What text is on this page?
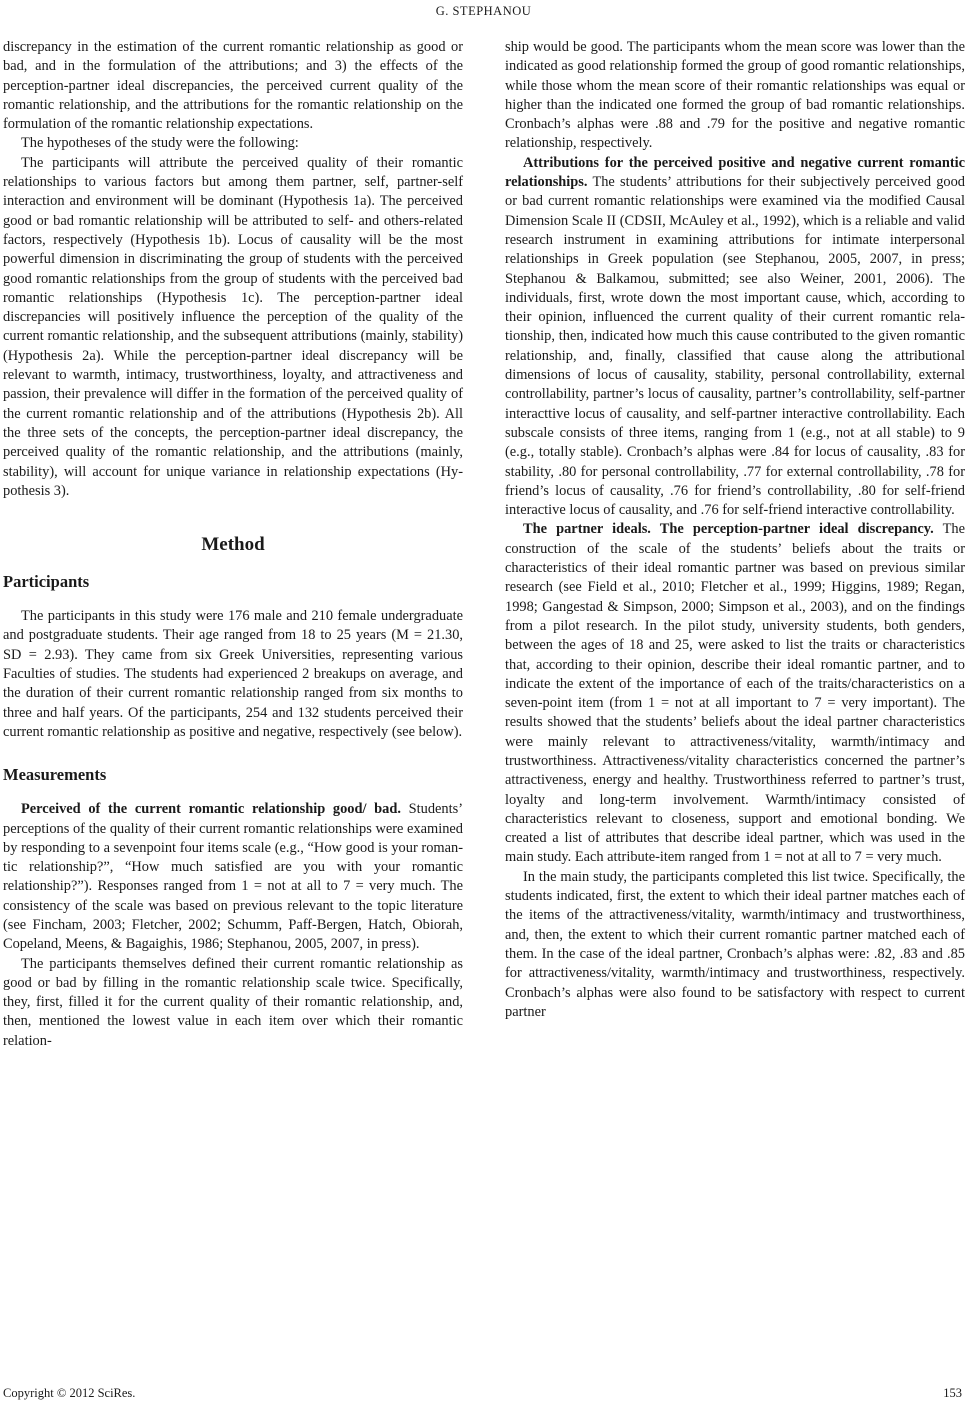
G. STEPHANOU

discrepancy in the estimation of the current romantic relationship as good or bad, and in the formulation of the attributions; and 3) the effects of the perception-partner ideal discrepancies, the perceived current quality of the romantic relationship, and the attributions for the romantic relationship on the formulation of the romantic relationship expectations.

The hypotheses of the study were the following:

The participants will attribute the perceived quality of their romantic relationships to various factors but among them partner, self, partner-self interaction and environment will be dominant (Hypothesis 1a). The perceived good or bad romantic relationship will be attributed to self- and others-related factors, respectively (Hypothesis 1b). Locus of causality will be the most powerful dimension in discriminating the group of students with the perceived good romantic relationships from the group of students with the perceived bad romantic relationships (Hypothesis 1c). The perception-partner ideal discrepancies will positively influence the perception of the quality of the current romantic relationship, and the subsequent attributions (mainly, stability) (Hypothesis 2a). While the perception-partner ideal discrepancy will be relevant to warmth, intimacy, trustworthiness, loyalty, and attractiveness and passion, their prevalence will differ in the formation of the perceived quality of the current romantic relationship and of the attributions (Hypothesis 2b). All the three sets of the concepts, the perception-partner ideal discrepancy, the perceived quality of the romantic relationship, and the attributions (mainly, stability), will account for unique variance in relationship expectations (Hypothesis 3).

Method
Participants

The participants in this study were 176 male and 210 female undergraduate and postgraduate students. Their age ranged from 18 to 25 years (M = 21.30, SD = 2.93). They came from six Greek Universities, representing various Faculties of studies. The students had experienced 2 breakups on average, and the duration of their current romantic relationship ranged from six months to three and half years. Of the participants, 254 and 132 students perceived their current romantic relationship as positive and negative, respectively (see below).

Measurements

Perceived of the current romantic relationship good/ bad. Students’ perceptions of the quality of their current romantic relationships were examined by responding to a sevenpoint four items scale (e.g., “How good is your romantic relationship?”, “How much satisfied are you with your romantic relationship?”). Responses ranged from 1 = not at all to 7 = very much. The consistency of the scale was based on previous relevant to the topic literature (see Fincham, 2003; Fletcher, 2002; Schumm, Paff-Bergen, Hatch, Obiorah, Copeland, Meens, & Bagaighis, 1986; Stephanou, 2005, 2007, in press).

The participants themselves defined their current romantic relationship as good or bad by filling in the romantic relationship scale twice. Specifically, they, first, filled it for the current quality of their romantic relationship, and, then, mentioned the lowest value in each item over which their romantic relation-

ship would be good. The participants whom the mean score was lower than the indicated as good relationship formed the group of good romantic relationships, while those whom the mean score of their romantic relationships was equal or higher than the indicated one formed the group of bad romantic relationships. Cronbach’s alphas were .88 and .79 for the positive and negative romantic relationship, respectively.

Attributions for the perceived positive and negative current romantic relationships. The students’ attributions for their subjectively perceived good or bad current romantic relationships were examined via the modified Causal Dimension Scale II (CDSII, McAuley et al., 1992), which is a reliable and valid research instrument in examining attributions for intimate interpersonal relationships in Greek population (see Stephanou, 2005, 2007, in press; Stephanou & Balkamou, submitted; see also Weiner, 2001, 2006). The individuals, first, wrote down the most important cause, which, according to their opinion, influenced the current quality of their current romantic relationship, then, indicated how much this cause contributed to the given romantic relationship, and, finally, classified that cause along the attributional dimensions of locus of causality, stability, personal controllability, external controllability, partner’s locus of causality, partner’s controllability, self-partner interacttive locus of causality, and self-partner interactive controllability. Each subscale consists of three items, ranging from 1 (e.g., not at all stable) to 9 (e.g., totally stable). Cronbach’s alphas were .84 for locus of causality, .83 for stability, .80 for personal controllability, .77 for external controllability, .78 for friend’s locus of causality, .76 for friend’s controllability, .80 for self-friend interactive locus of causality, and .76 for self-friend interactive controllability.

The partner ideals. The perception-partner ideal discrepancy. The construction of the scale of the students’ beliefs about the traits or characteristics of their ideal romantic partner was based on previous similar research (see Field et al., 2010; Fletcher et al., 1999; Higgins, 1989; Regan, 1998; Gangestad & Simpson, 2000; Simpson et al., 2003), and on the findings from a pilot research. In the pilot study, university students, both genders, between the ages of 18 and 25, were asked to list the traits or characteristics that, according to their opinion, describe their ideal romantic partner, and to indicate the extent of the importance of each of the traits/characteristics on a seven-point item (from 1 = not at all important to 7 = very important). The results showed that the students’ beliefs about the ideal partner characteristics were mainly relevant to attractiveness/vitality, warmth/intimacy and trustworthiness. Attractiveness/vitality characteristics concerned the partner’s attractiveness, energy and healthy. Trustworthiness referred to partner’s trust, loyalty and long-term involvement. Warmth/intimacy consisted of characteristics relevant to closeness, support and emotional bonding. We created a list of attributes that describe ideal partner, which was used in the main study. Each attribute-item ranged from 1 = not at all to 7 = very much.

In the main study, the participants completed this list twice. Specifically, the students indicated, first, the extent to which their ideal partner matches each of the items of the attractiveness/vitality, warmth/intimacy and trustworthiness, and, then, the extent to which their current romantic partner matched each of them. In the case of the ideal partner, Cronbach’s alphas were: .82, .83 and .85 for attractiveness/vitality, warmth/intimacy and trustworthiness, respectively. Cronbach’s alphas were also found to be satisfactory with respect to current partner

Copyright © 2012 SciRes.	153
